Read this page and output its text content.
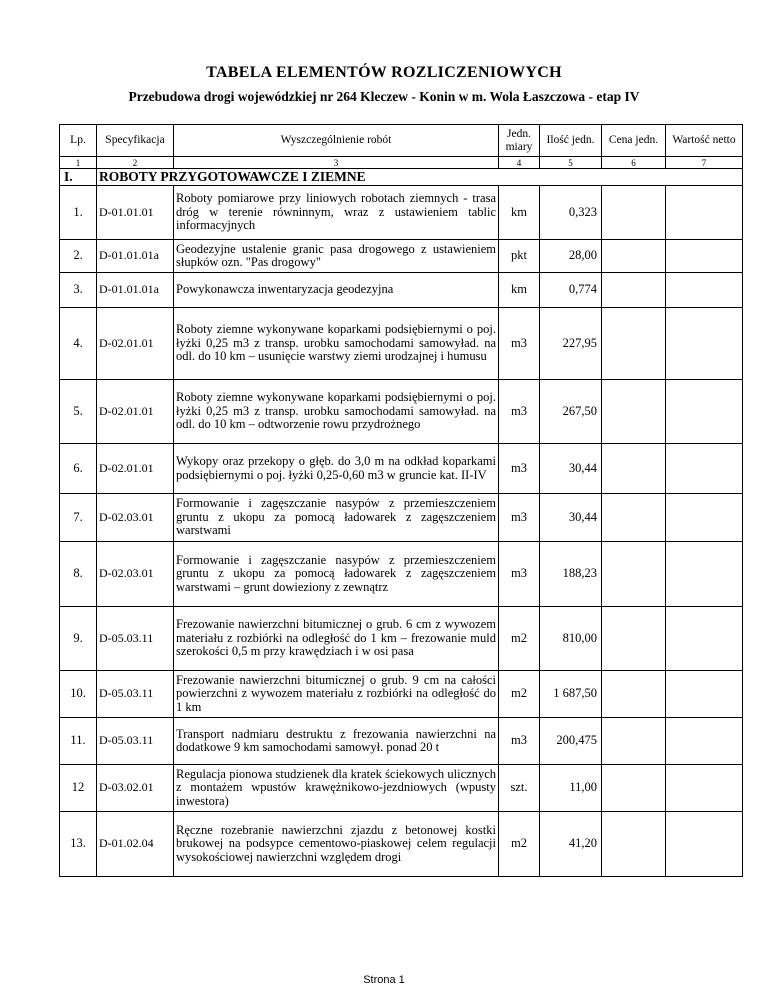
TABELA ELEMENTÓW ROZLICZENIOWYCH
Przebudowa drogi wojewódzkiej nr 264 Kleczew - Konin w m. Wola Łaszczowa - etap IV
Lp.	Specyfikacja	Wyszczególnienie robót	Jedn. miary	Ilość jedn.	Cena jedn.	Wartość netto
1	2	3	4	5	6	7
I.	ROBOTY PRZYGOTOWAWCZE I ZIEMNE					
1.	D-01.01.01	Roboty pomiarowe przy liniowych robotach ziemnych - trasa dróg w terenie równinnym, wraz z ustawieniem tablic informacyjnych	km	0,323		
2.	D-01.01.01a	Geodezyjne ustalenie granic pasa drogowego z ustawieniem słupków ozn. "Pas drogowy"	pkt	28,00		
3.	D-01.01.01a	Powykonawcza inwentaryzacja geodezyjna	km	0,774		
4.	D-02.01.01	Roboty ziemne wykonywane koparkami podsiębiernymi o poj. łyżki 0,25 m3 z transp. urobku samochodami samowyład. na odl. do 10 km – usunięcie warstwy ziemi urodzajnej i humusu	m3	227,95		
5.	D-02.01.01	Roboty ziemne wykonywane koparkami podsiębiernymi o poj. łyżki 0,25 m3 z transp. urobku samochodami samowyład. na odl. do 10 km – odtworzenie rowu przydrożnego	m3	267,50		
6.	D-02.01.01	Wykopy oraz przekopy o głęb. do 3,0 m na odkład koparkami podsiębiernymi o poj. łyżki 0,25-0,60 m3 w gruncie kat. II-IV	m3	30,44		
7.	D-02.03.01	Formowanie i zagęszczanie nasypów z przemieszczeniem gruntu z ukopu za pomocą ładowarek z zagęszczeniem warstwami	m3	30,44		
8.	D-02.03.01	Formowanie i zagęszczanie nasypów z przemieszczeniem gruntu z ukopu za pomocą ładowarek z zagęszczeniem warstwami – grunt dowieziony z zewnątrz	m3	188,23		
9.	D-05.03.11	Frezowanie nawierzchni bitumicznej o grub. 6 cm z wywozem materiału z rozbiórki na odległość do 1 km – frezowanie muld szerokości 0,5 m przy krawędziach i w osi pasa	m2	810,00		
10.	D-05.03.11	Frezowanie nawierzchni bitumicznej o grub. 9 cm na całości powierzchni z wywozem materiału z rozbiórki na odległość do 1 km	m2	1 687,50		
11.	D-05.03.11	Transport nadmiaru destruktu z frezowania nawierzchni na dodatkowe 9 km samochodami samowył. ponad 20 t	m3	200,475		
12	D-03.02.01	Regulacja pionowa studzienek dla kratek ściekowych ulicznych z montażem wpustów krawężnikowo-jezdniowych (wpusty inwestora)	szt.	11,00		
13.	D-01.02.04	Ręczne rozebranie nawierzchni zjazdu z betonowej kostki brukowej na podsypce cementowo-piaskowej celem regulacji wysokościowej nawierzchni względem drogi	m2	41,20		
Strona 1
